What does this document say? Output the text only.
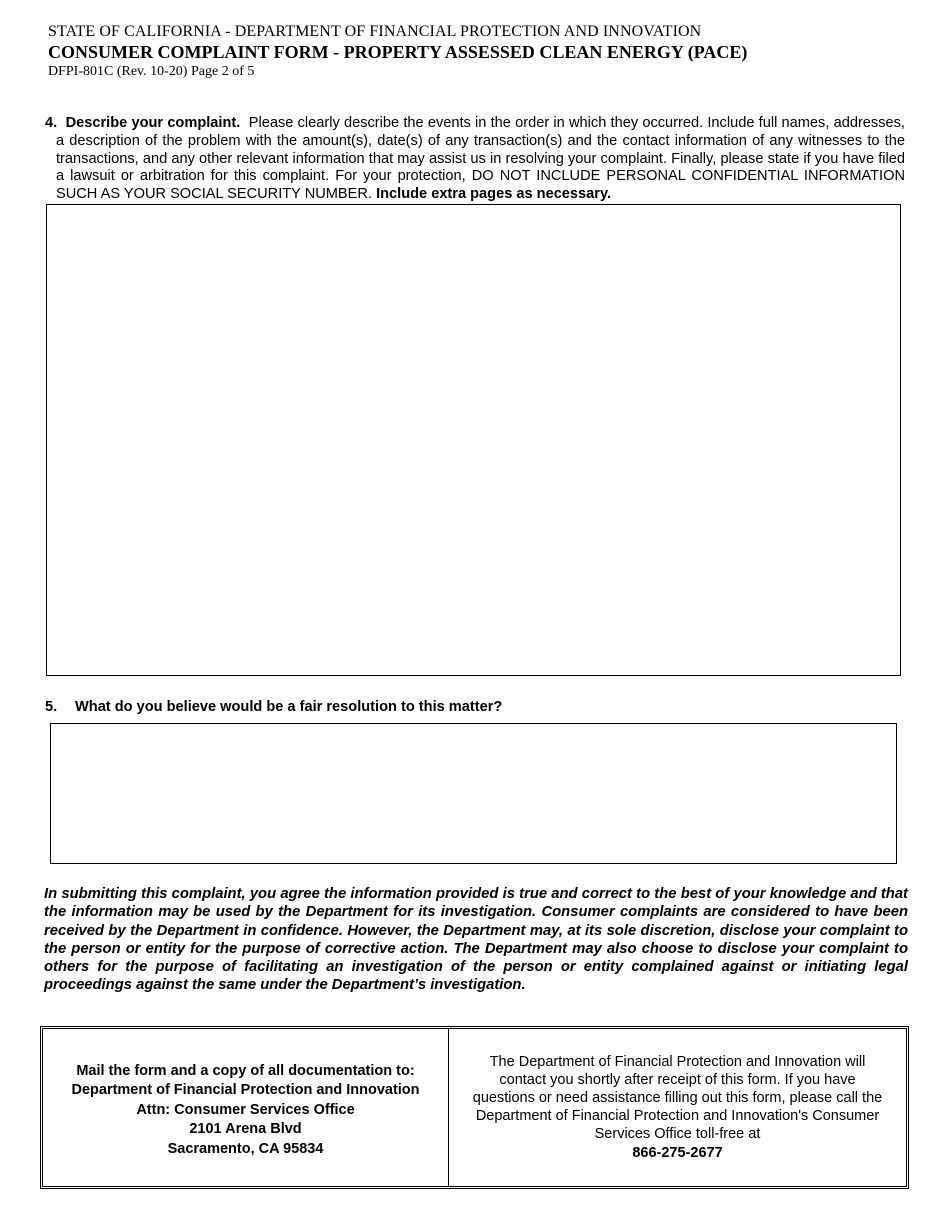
STATE OF CALIFORNIA - DEPARTMENT OF FINANCIAL PROTECTION AND INNOVATION
CONSUMER COMPLAINT FORM - PROPERTY ASSESSED CLEAN ENERGY (PACE)
DFPI-801C (Rev. 10-20) Page 2 of 5
4. Describe your complaint. Please clearly describe the events in the order in which they occurred. Include full names, addresses, a description of the problem with the amount(s), date(s) of any transaction(s) and the contact information of any witnesses to the transactions, and any other relevant information that may assist us in resolving your complaint. Finally, please state if you have filed a lawsuit or arbitration for this complaint. For your protection, DO NOT INCLUDE PERSONAL CONFIDENTIAL INFORMATION SUCH AS YOUR SOCIAL SECURITY NUMBER. Include extra pages as necessary.
5. What do you believe would be a fair resolution to this matter?
In submitting this complaint, you agree the information provided is true and correct to the best of your knowledge and that the information may be used by the Department for its investigation. Consumer complaints are considered to have been received by the Department in confidence. However, the Department may, at its sole discretion, disclose your complaint to the person or entity for the purpose of corrective action. The Department may also choose to disclose your complaint to others for the purpose of facilitating an investigation of the person or entity complained against or initiating legal proceedings against the same under the Department’s investigation.
Mail the form and a copy of all documentation to:
Department of Financial Protection and Innovation
Attn: Consumer Services Office
2101 Arena Blvd
Sacramento, CA 95834
The Department of Financial Protection and Innovation will contact you shortly after receipt of this form. If you have questions or need assistance filling out this form, please call the Department of Financial Protection and Innovation's Consumer Services Office toll-free at
866-275-2677
